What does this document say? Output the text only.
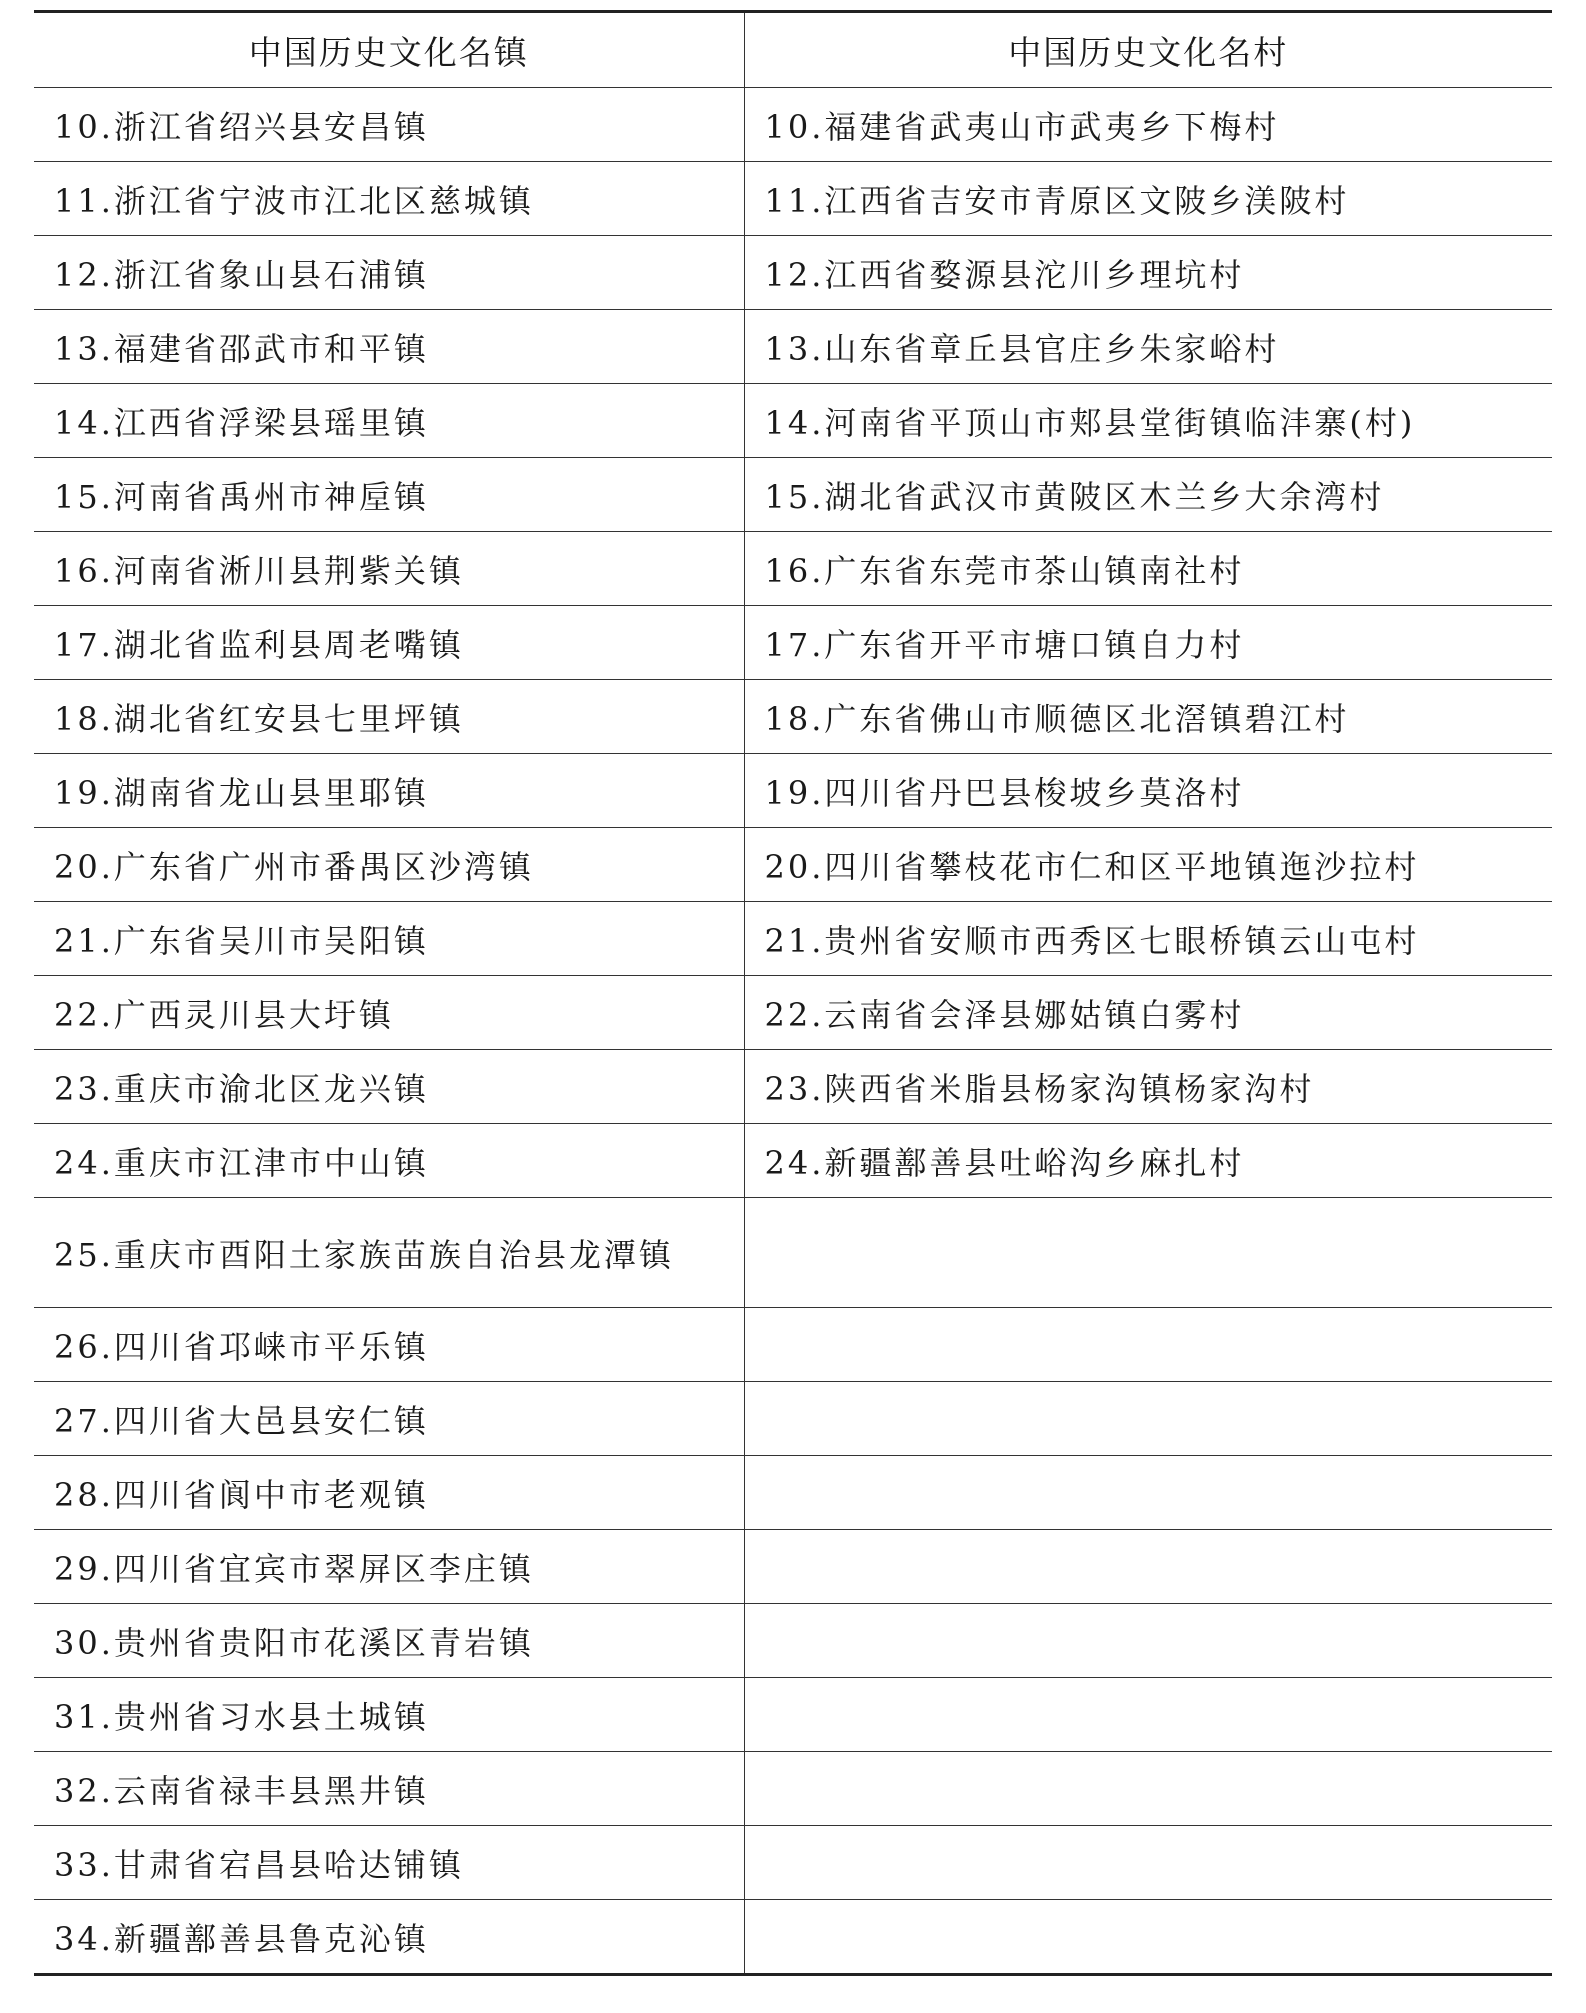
中国历史文化名镇	中国历史文化名村
10.浙江省绍兴县安昌镇	10.福建省武夷山市武夷乡下梅村
11.浙江省宁波市江北区慈城镇	11.江西省吉安市青原区文陂乡渼陂村
12.浙江省象山县石浦镇	12.江西省婺源县沱川乡理坑村
13.福建省邵武市和平镇	13.山东省章丘县官庄乡朱家峪村
14.江西省浮梁县瑶里镇	14.河南省平顶山市郏县堂街镇临沣寨(村)
15.河南省禹州市神垕镇	15.湖北省武汉市黄陂区木兰乡大余湾村
16.河南省淅川县荆紫关镇	16.广东省东莞市茶山镇南社村
17.湖北省监利县周老嘴镇	17.广东省开平市塘口镇自力村
18.湖北省红安县七里坪镇	18.广东省佛山市顺德区北滘镇碧江村
19.湖南省龙山县里耶镇	19.四川省丹巴县梭坡乡莫洛村
20.广东省广州市番禺区沙湾镇	20.四川省攀枝花市仁和区平地镇迤沙拉村
21.广东省吴川市吴阳镇	21.贵州省安顺市西秀区七眼桥镇云山屯村
22.广西灵川县大圩镇	22.云南省会泽县娜姑镇白雾村
23.重庆市渝北区龙兴镇	23.陕西省米脂县杨家沟镇杨家沟村
24.重庆市江津市中山镇	24.新疆鄯善县吐峪沟乡麻扎村
25.重庆市酉阳土家族苗族自治县龙潭镇	
26.四川省邛崃市平乐镇	
27.四川省大邑县安仁镇	
28.四川省阆中市老观镇	
29.四川省宜宾市翠屏区李庄镇	
30.贵州省贵阳市花溪区青岩镇	
31.贵州省习水县土城镇	
32.云南省禄丰县黑井镇	
33.甘肃省宕昌县哈达铺镇	
34.新疆鄯善县鲁克沁镇	
